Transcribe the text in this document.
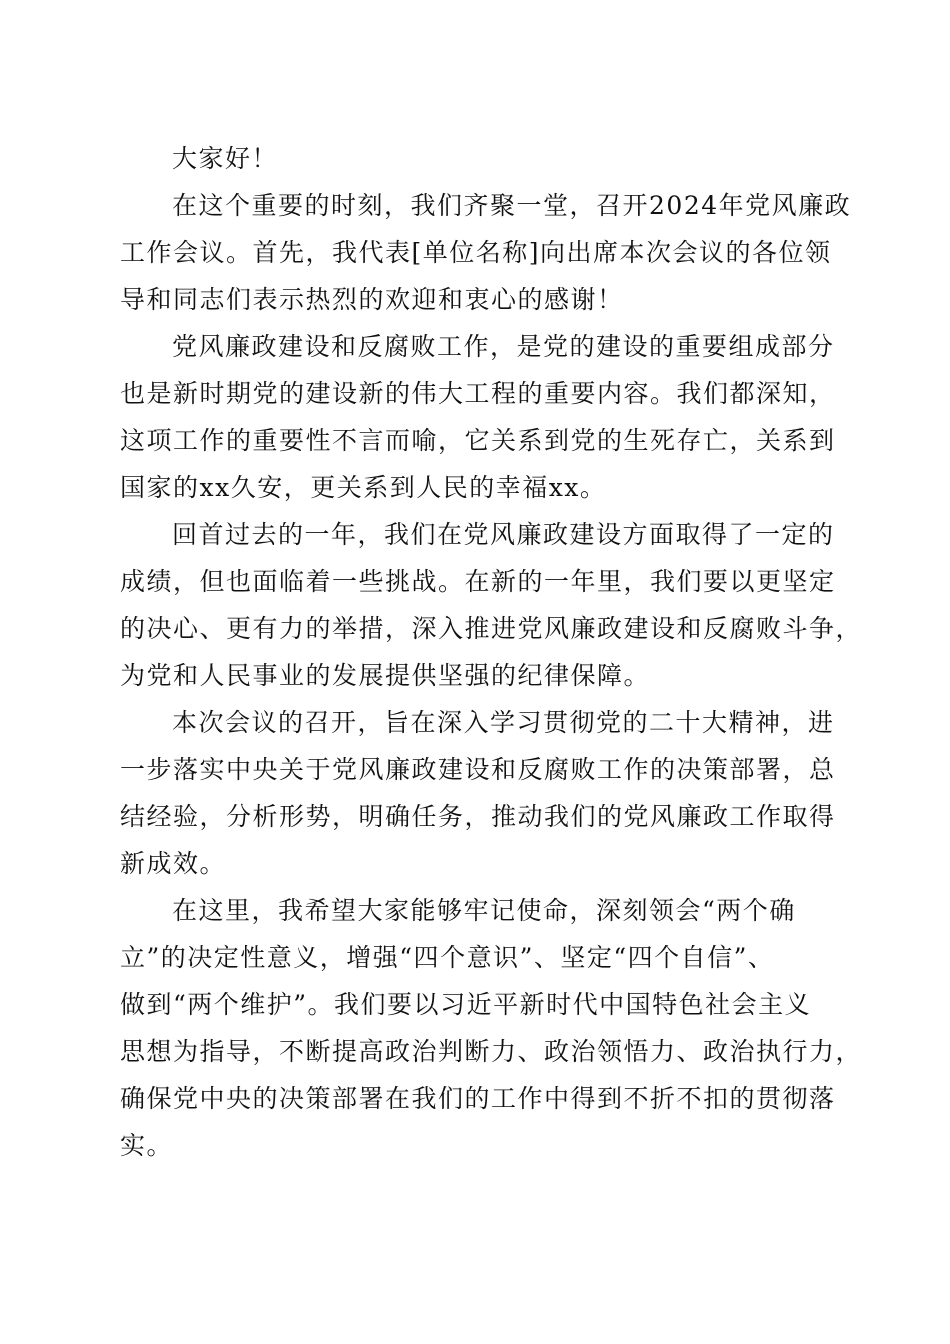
大家好！
在这个重要的时刻，我们齐聚一堂，召开2024年党风廉政
工作会议。首先，我代表[单位名称]向出席本次会议的各位领
导和同志们表示热烈的欢迎和衷心的感谢！
党风廉政建设和反腐败工作，是党的建设的重要组成部分
也是新时期党的建设新的伟大工程的重要内容。我们都深知，
这项工作的重要性不言而喻，它关系到党的生死存亡，关系到
国家的xx久安，更关系到人民的幸福xx。
回首过去的一年，我们在党风廉政建设方面取得了一定的
成绩，但也面临着一些挑战。在新的一年里，我们要以更坚定
的决心、更有力的举措，深入推进党风廉政建设和反腐败斗争，
为党和人民事业的发展提供坚强的纪律保障。
本次会议的召开，旨在深入学习贯彻党的二十大精神，进
一步落实中央关于党风廉政建设和反腐败工作的决策部署，总
结经验，分析形势，明确任务，推动我们的党风廉政工作取得
新成效。
在这里，我希望大家能够牢记使命，深刻领会“两个确
立”的决定性意义，增强“四个意识”、坚定“四个自信”、
做到“两个维护”。我们要以习近平新时代中国特色社会主义
思想为指导，不断提高政治判断力、政治领悟力、政治执行力，
确保党中央的决策部署在我们的工作中得到不折不扣的贯彻落
实。
